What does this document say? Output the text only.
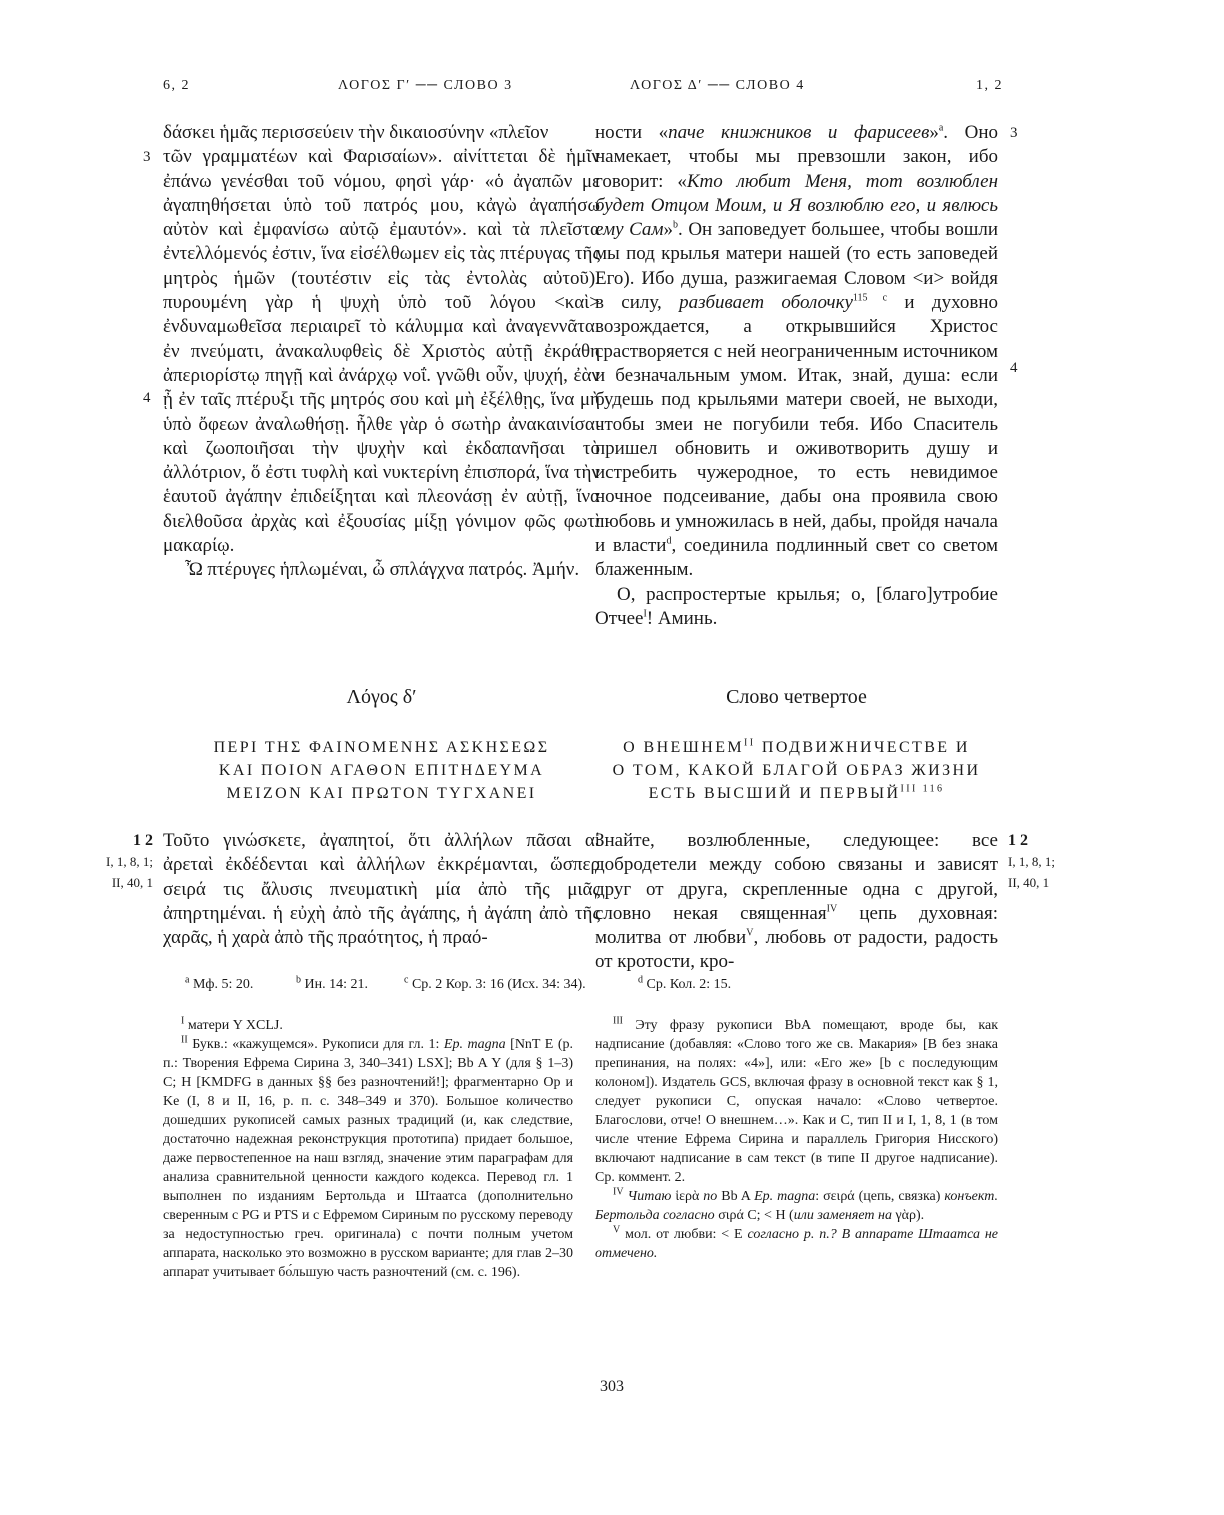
6, 2	ΛΟΓΟΣ Γ′ ── СЛОВО 3	ΛΟΓΟΣ Δ′ ── СЛОВО 4	1, 2

δάσκει ἡμᾶς περισσεύειν τὴν δικαιοσύνην «πλεῖον

τῶν γραμματέων καὶ Φαρισαίων». αἰνίττεται δὲ ἡμῖν ἐπάνω γενέσθαι τοῦ νόμου, φησὶ γάρ· «ὁ ἀγαπῶν με ἀγαπηθήσεται ὑπὸ τοῦ πατρός μου, κἀγὼ ἀγαπήσω αὐτὸν καὶ ἐμφανίσω αὐτῷ ἐμαυτόν». καὶ τὰ πλεῖστα ἐντελλόμενός ἐστιν, ἵνα εἰσέλθωμεν εἰς τὰς πτέρυγας τῆς μητρὸς ἡμῶν (τουτέστιν εἰς τὰς ἐντολὰς αὐτοῦ). πυρουμένη γὰρ ἡ ψυχὴ ὑπὸ τοῦ λόγου <καὶ> ἐνδυναμωθεῖσα περιαιρεῖ τὸ κάλυμμα καὶ ἀναγεννᾶται ἐν πνεύματι, ἀνακαλυφθεὶς δὲ Χριστὸς αὐτῇ ἐκράθη ἀπεριορίστῳ πηγῇ καὶ ἀνάρχῳ νοΐ. γνῶθι οὖν, ψυχή, ἐὰν ᾖ ἐν ταῖς πτέρυξι τῆς μητρός σου καὶ μὴ ἐξέλθῃς, ἵνα μὴ ὑπὸ ὄφεων ἀναλωθήσῃ. ἦλθε γὰρ ὁ σωτὴρ ἀνακαινίσαι καὶ ζωοποιῆσαι τὴν ψυχὴν καὶ ἐκδαπανῆσαι τὸ ἀλλότριον, ὅ ἐστι τυφλὴ καὶ νυκτερίνη ἐπισπορά, ἵνα τὴν ἑαυτοῦ ἀγάπην ἐπιδείξηται καὶ πλεονάσῃ ἐν αὐτῇ, ἵνα διελθοῦσα ἀρχὰς καὶ ἐξουσίας μίξῃ γόνιμον φῶς φωτὶ μακαρίῳ.

Ὦ πτέρυγες ἡπλωμέναι, ὦ σπλάγχνα πατρός. Ἀμήν.

3
4

ности «паче книжников и фарисеев»$^a$. Оно намекает, чтобы мы превзошли закон, ибо говорит: «Кто любит Меня, тот возлюблен будет Отцом Моим, и Я возлюблю его, и явлюсь ему Сам»$^b$. Он заповедует большее, чтобы вошли мы под крылья матери нашей (то есть заповедей Его). Ибо душа, разжигаемая Словом <и> войдя в силу, разбивает оболочку$^{115 c}$ и духовно возрождается, а открывшийся Христос срастворяется с ней неограниченным источником и безначальным умом. Итак, знай, душа: если будешь под крыльями матери своей, не выходи, чтобы змеи не погубили тебя. Ибо Спаситель пришел обновить и оживотворить душу и истребить чужеродное, то есть невидимое ночное подсеивание, дабы она проявила свою любовь и умножилась в ней, дабы, пройдя начала и власти$^d$, соединила подлинный свет со светом блаженным.

О, распростертые крылья; о, [благо]утробие Отчее$^I$! Аминь.

3
4
Λόγος δ′	Слово четвертое
ΠΕΡΙ ΤΗΣ ΦΑΙΝΟΜΕΝΗΣ ΑΣΚΗΣΕΩΣ
ΚΑΙ ΠΟΙΟΝ ΑΓΑΘΟΝ ΕΠΙΤΗΔΕΥΜΑ
ΜΕΙΖΟΝ ΚΑΙ ΠΡΩΤΟΝ ΤΥΓΧΑΝΕΙ
О $ВНЕШНЕМ^{II}$ ПОДВИЖНИЧЕСТВЕ И
О ТОМ, КАКОЙ БЛАГОЙ ОБРАЗ ЖИЗНИ
ЕСТЬ ВЫСШИЙ И $ПЕРВЫЙ^{III 116}$

Τοῦτο γινώσκετε, ἀγαπητοί, ὅτι ἀλλήλων πᾶσαι αἱ ἀρεταὶ ἐκδέδενται καὶ ἀλλήλων ἐκκρέμανται, ὥσπερ σειρά τις ἄλυσις πνευματικὴ μία ἀπὸ τῆς μιᾶς ἀπηρτημέναι. ἡ εὐχὴ ἀπὸ τῆς ἀγάπης, ἡ ἀγάπη ἀπὸ τῆς χαρᾶς, ἡ χαρὰ ἀπὸ τῆς πραότητος, ἡ πραό-

Знайте, возлюбленные, следующее: все добродетели между собою связаны и зависят друг от друга, скрепленные одна с другой, словно некая священная$^{IV}$ цепь духовная: молитва от любви$^V$, любовь от радости, радость от кротости, кро-

1 2
I, 1, 8, 1;
II, 40, 1
1 2
I, 1, 8, 1;
II, 40, 1
$^a$ Мф. 5: 20.	$^b$ Ин. 14: 21.	$^c$ Ср. 2 Кор. 3: 16 (Исх. 34: 34).	$^d$ Ср. Кол. 2: 15.

$^I$ матери Y XCLJ.

$^{II}$ Букв.: «кажущемся». Рукописи для гл. 1: Ep. magna [NnT E (р. п.: Творения Ефрема Сирина 3, 340–341) LSX]; Bb A Y (для § 1–3) C; H [KMDFG в данных §§ без разночтений!]; фрагментарно Op и Ke (I, 8 и II, 16, р. п. с. 348–349 и 370). Большое количество дошедших рукописей самых разных традиций (и, как следствие, достаточно надежная реконструкция прототипа) придает большое, даже первостепенное на наш взгляд, значение этим параграфам для анализа сравнительной ценности каждого кодекса. Перевод гл. 1 выполнен по изданиям Бертольда и Штаатса (дополнительно сверенным с PG и PTS и с Ефремом Сириным по русскому переводу за недоступностью греч. оригинала) с почти полным учетом аппарата, насколько это возможно в русском варианте; для глав 2–30 аппарат учитывает бо́льшую часть разночтений (см. с. 196).

$^{III}$ Эту фразу рукописи BbA помещают, вроде бы, как надписание (добавляя: «Слово того же св. Макария» [B без знака препинания, на полях: «4»], или: «Его же» [b с последующим колоном]). Издатель GCS, включая фразу в основной текст как § 1, следует рукописи C, опуская начало: «Слово четвертое. Благослови, отче! О внешнем…». Как и C, тип II и I, 1, 8, 1 (в том числе чтение Ефрема Сирина и параллель Григория Нисского) включают надписание в сам текст (в типе II другое надписание). Ср. коммент. 2.

$^{IV}$ Читаю ἱερὰ по Bb A Ep. magna: σειρά (цепь, связка) конъект. Бертольда согласно σιρά C; < H (или заменяет на γὰρ).

$^V$ мол. от любви: < E согласно р. п.? В аппарате Штаатса не отмечено.

303
